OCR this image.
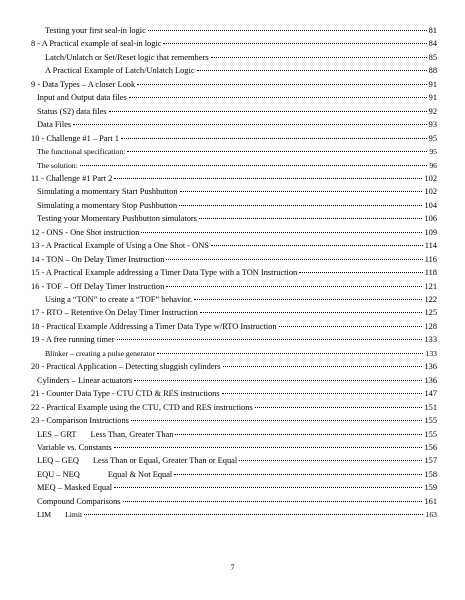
Testing your first seal-in logic	81
8 - A Practical example of seal-in logic	84
Latch/Unlatch or Set/Reset logic that remembers	85
A Practical Example of Latch/Unlatch Logic	88
9 - Data Types – A closer Look	91
Input and Output data files	91
Status (S2) data files	92
Data Files	93
10 - Challenge #1 – Part 1	95
The functional specification:	95
The solution:	96
11 - Challenge #1 Part 2	102
Simulating a momentary Start Pushbutton	102
Simulating a momentary Stop Pushbutton	104
Testing your Momentary Pushbutton simulators	106
12 - ONS - One Shot instruction	109
13 - A Practical Example of Using a One Shot - ONS	114
14 - TON – On Delay Timer Instruction	116
15 - A Practical Example addressing a Timer Data Type with a TON Instruction	118
16 - TOF – Off Delay Timer Instruction	121
Using a “TON” to create a “TOF” behavior.	122
17 - RTO – Retentive On Delay Timer Instruction	125
18 - Practical Example Addressing a Timer Data Type w/RTO Instruction	128
19 - A free running timer	133
Blinker – creating a pulse generator	133
20 - Practical Application – Detecting sluggish cylinders	136
Cylinders – Linear actuators	136
21 - Counter Data Type - CTU CTD & RES instructions	147
22 - Practical Example using the CTU, CTD and RES instructions	151
23 - Comparison Instructions	155
LES – GRT Less Than, Greater Than	155
Variable vs. Constants	156
LEQ – GEQ Less Than or Equal, Greater Than or Equal	157
EQU – NEQ	Equal & Not Equal	158
MEQ – Masked Equal	159
Compound Comparisons	161
LIM Limit	163
7
